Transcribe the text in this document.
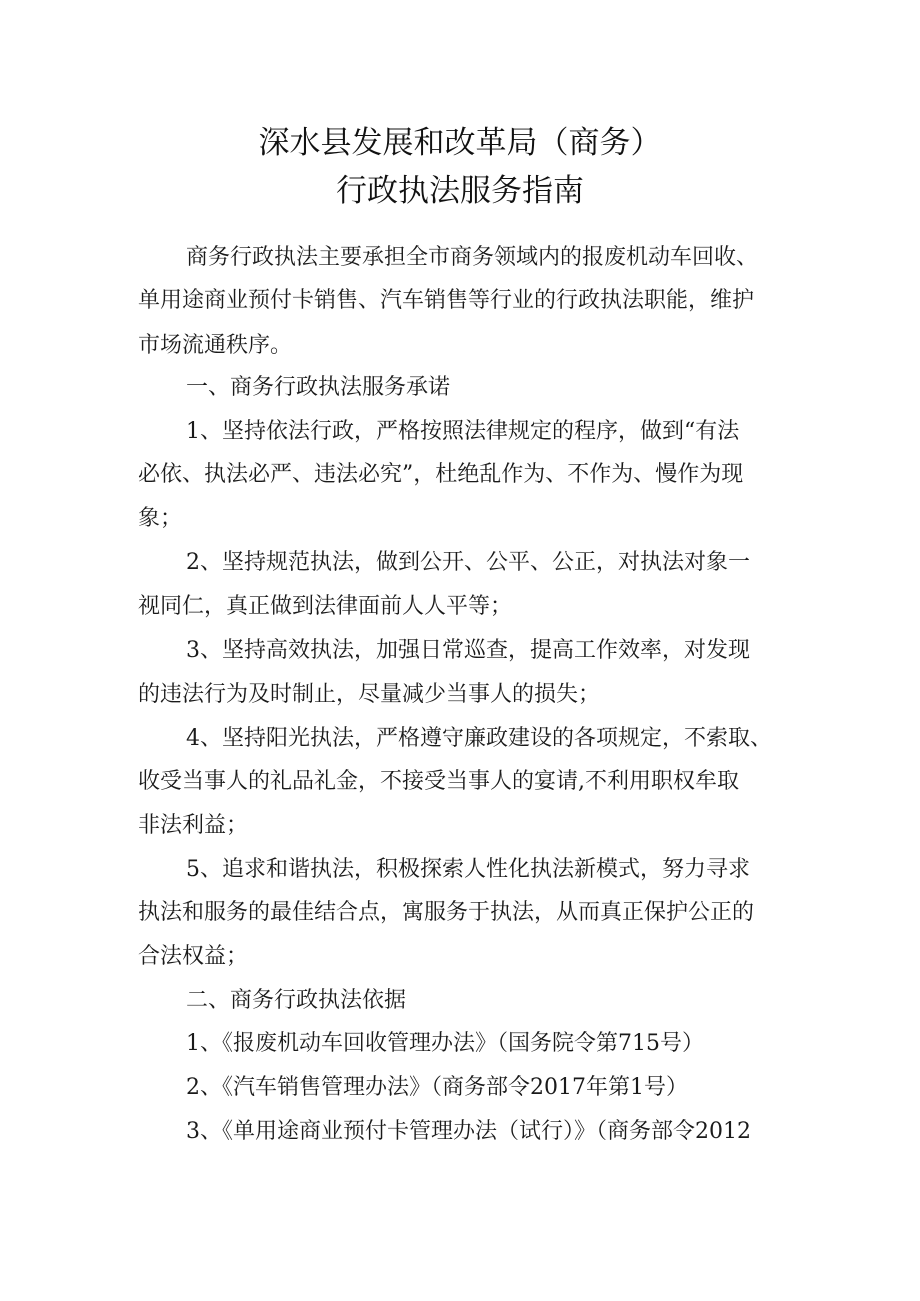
深水县发展和改革局（商务）
行政执法服务指南
商务行政执法主要承担全市商务领域内的报废机动车回收、
单用途商业预付卡销售、汽车销售等行业的行政执法职能，维护
市场流通秩序。
一、商务行政执法服务承诺
1、坚持依法行政，严格按照法律规定的程序，做到“有法
必依、执法必严、违法必究”，杜绝乱作为、不作为、慢作为现
象；
2、坚持规范执法，做到公开、公平、公正，对执法对象一
视同仁，真正做到法律面前人人平等；
3、坚持高效执法，加强日常巡查，提高工作效率，对发现
的违法行为及时制止，尽量减少当事人的损失；
4、坚持阳光执法，严格遵守廉政建设的各项规定，不索取、
收受当事人的礼品礼金，不接受当事人的宴请,不利用职权牟取
非法利益；
5、追求和谐执法，积极探索人性化执法新模式，努力寻求
执法和服务的最佳结合点，寓服务于执法，从而真正保护公正的
合法权益；
二、商务行政执法依据
1、《报废机动车回收管理办法》（国务院令第715号）
2、《汽车销售管理办法》（商务部令2017年第1号）
3、《单用途商业预付卡管理办法（试行）》（商务部令2012
